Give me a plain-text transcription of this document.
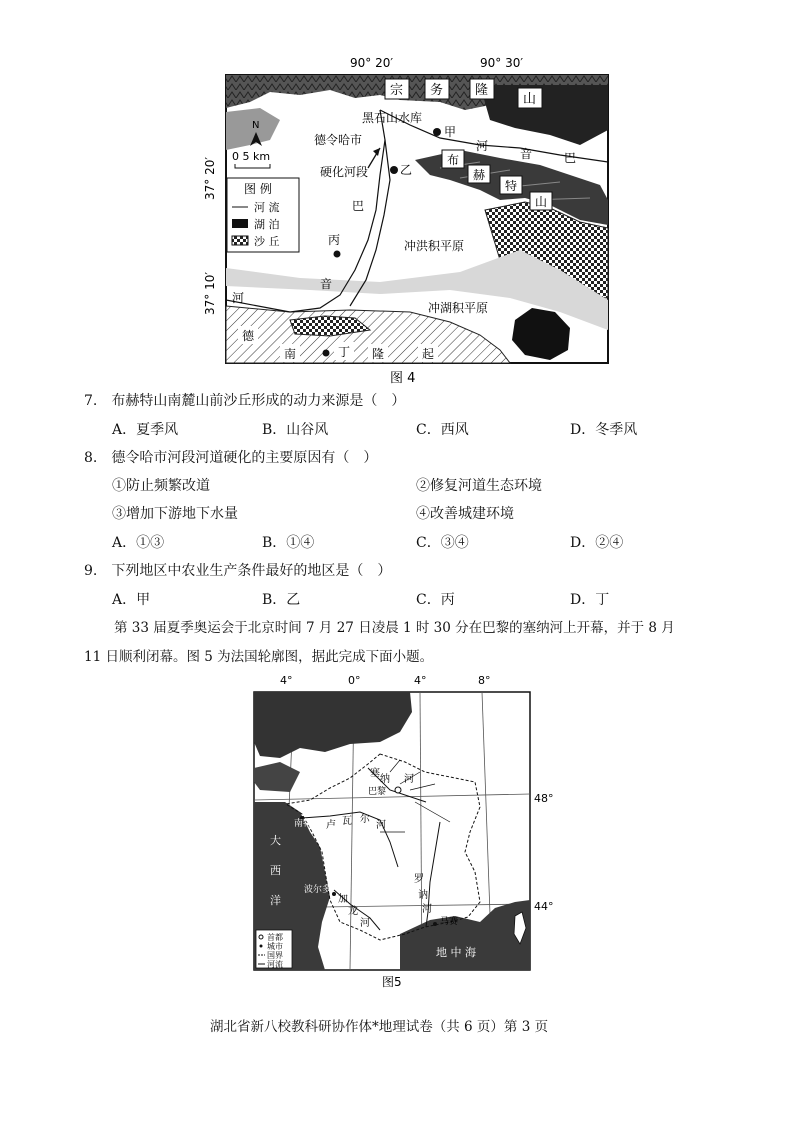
90° 20′	90° 30′
N
0 5 km
37° 20′
37° 10′
图 例
河 流
湖 泊
沙 丘
宗 务 隆
山
黑石山水库
甲
河
音	巴
德令哈市
硬化河段	乙
布
赫
特
山
巴
音
河
丙	冲洪积平原
冲湖积平原
德
南	丁 隆	起
图 4
7.　布赫特山南麓山前沙丘形成的动力来源是（　）
A．夏季风	B．山谷风	C．西风	D．冬季风
8.　德令哈市河段河道硬化的主要原因有（　）
①防止频繁改道	②修复河道生态环境
③增加下游地下水量	④改善城建环境
A．①③	B．①④	C．③④	D．②④
9.　下列地区中农业生产条件最好的地区是（　）
A．甲	B．乙	C．丙	D．丁
第 33 届夏季奥运会于北京时间 7 月 27 日凌晨 1 时 30 分在巴黎的塞纳河上开幕，并于 8 月
11 日顺利闭幕。图 5 为法国轮廓图，据此完成下面小题。
4°	0°	4°	8°
巴黎
南特
波尔多
马赛
塞
纳 河
卢 瓦 尔
河
加
龙
河
罗
讷
河
大
西
洋
地 中 海
48°
44°
首都
城市
国界
河流
图5
湖北省新八校教科研协作体*地理试卷（共 6 页）第 3 页
